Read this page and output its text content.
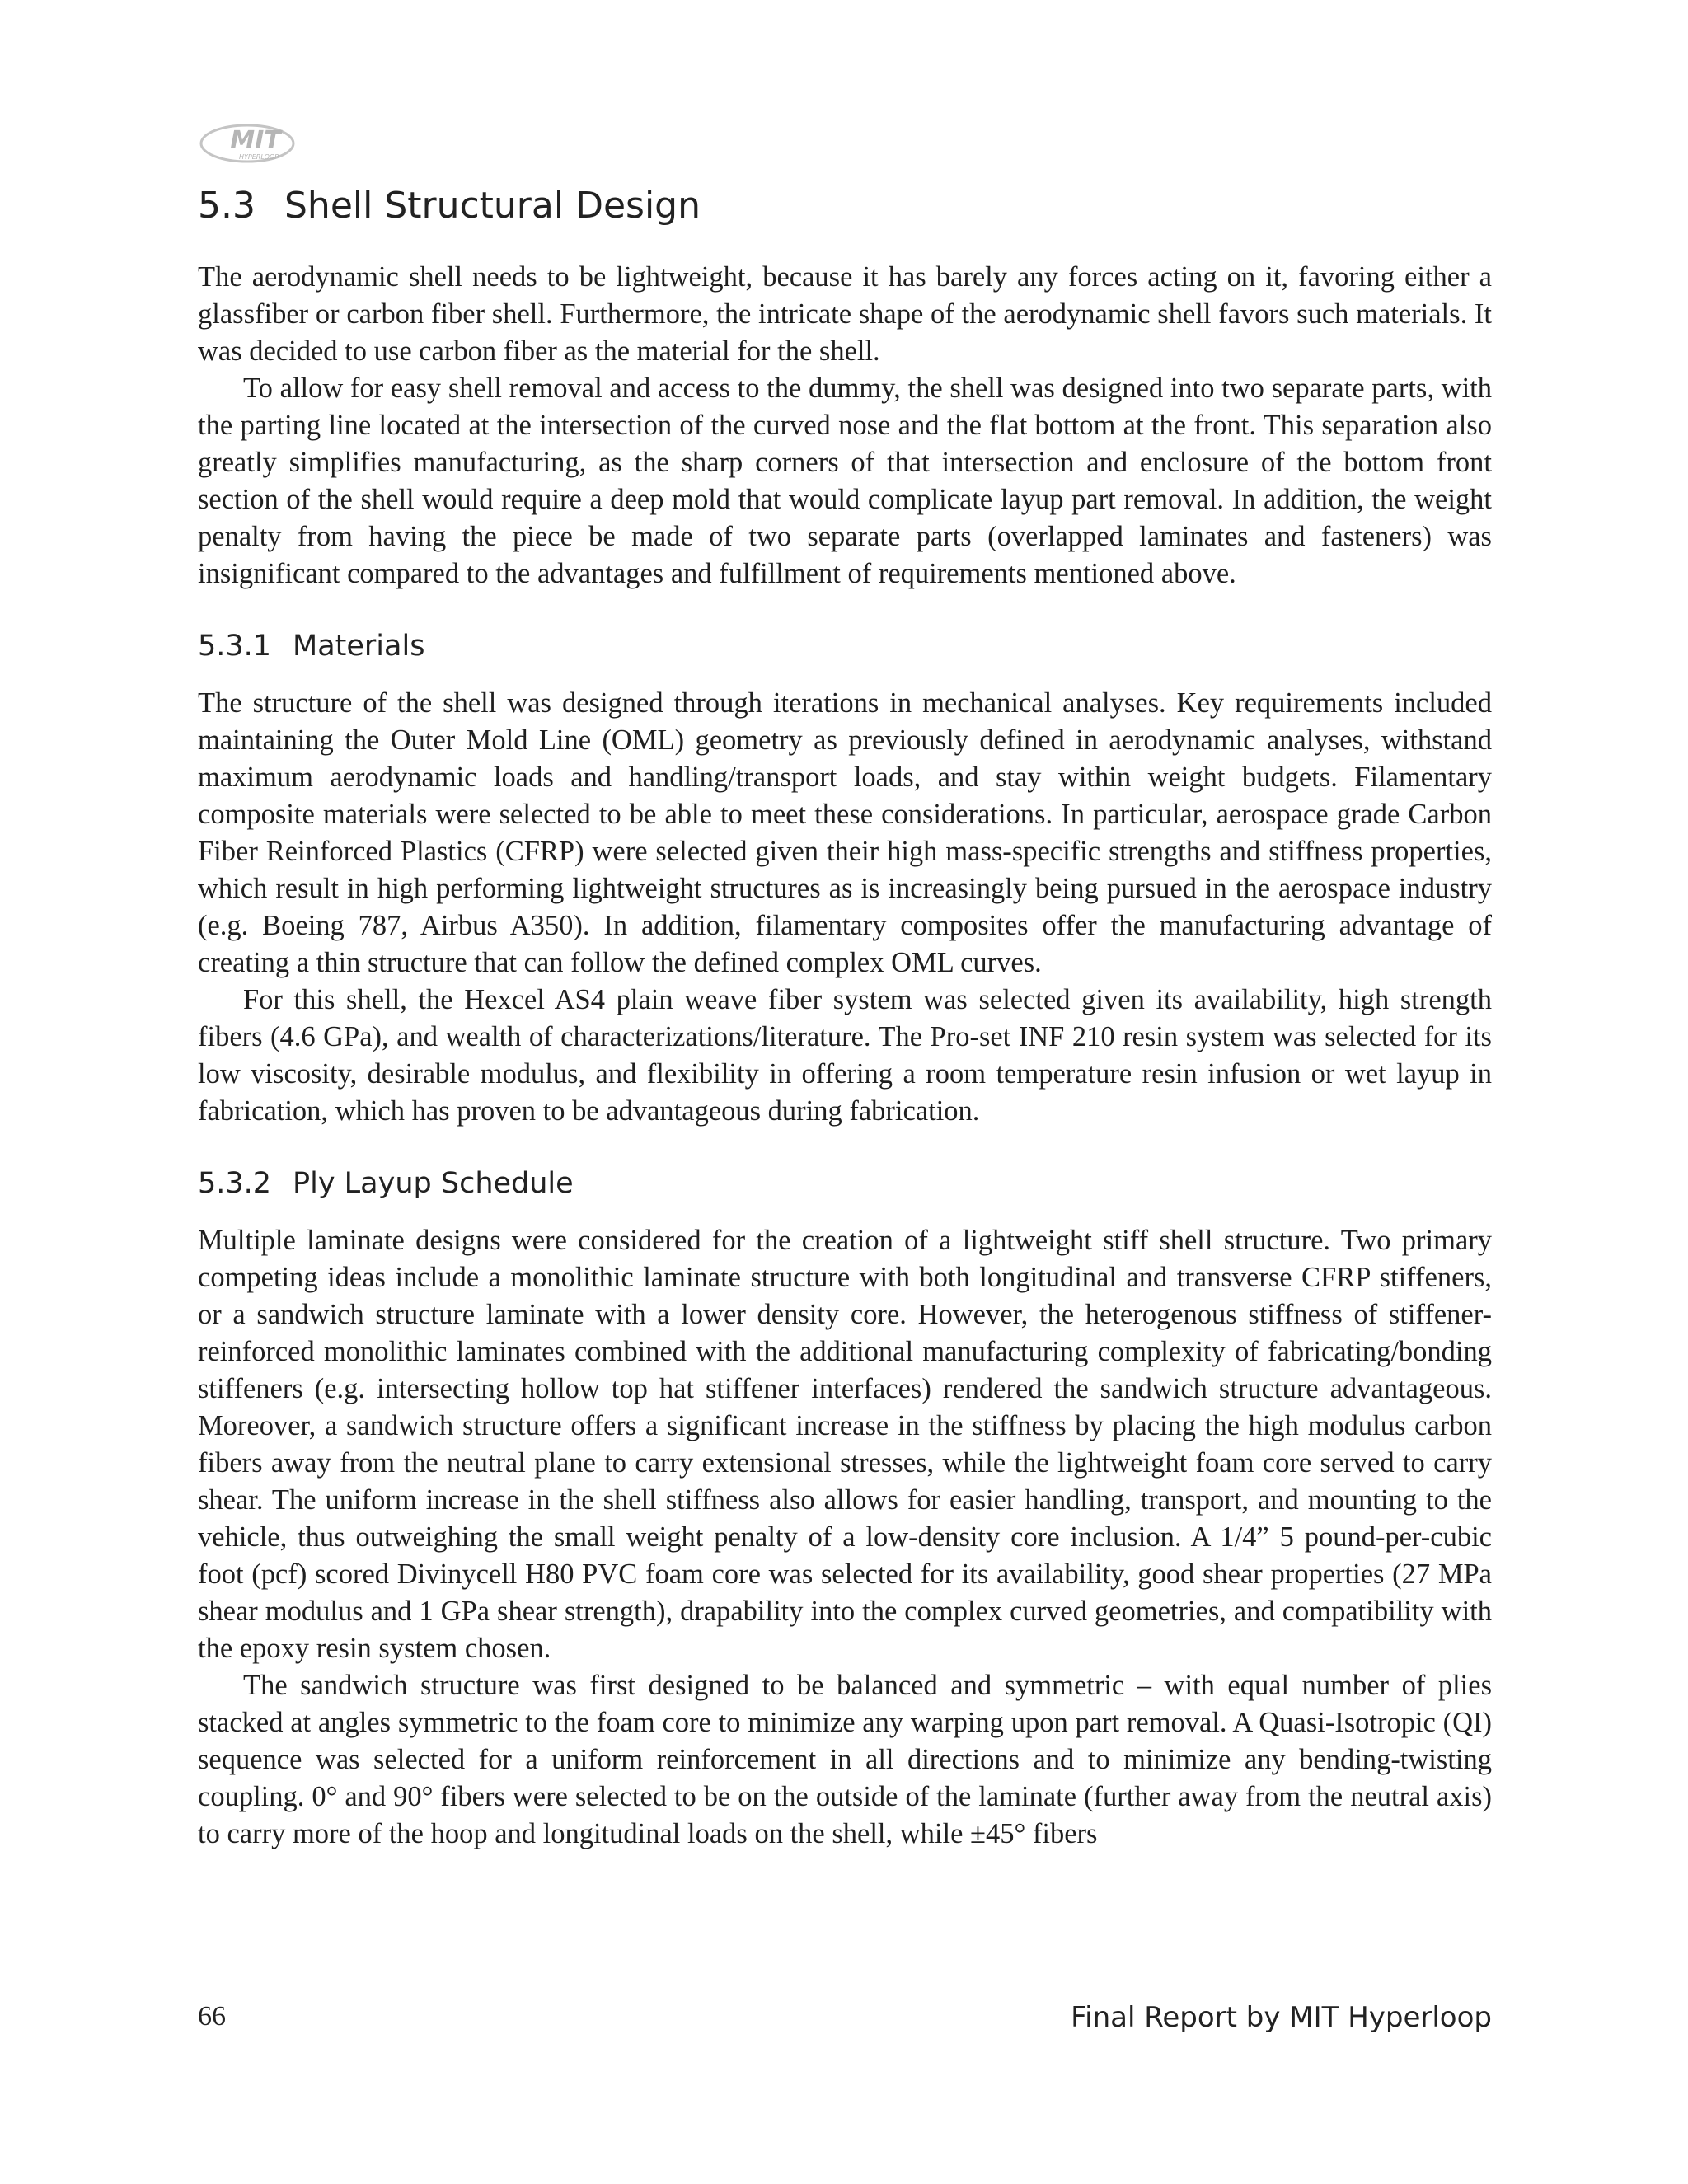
MIT
HYPERLOOP
5.3 Shell Structural Design

The aerodynamic shell needs to be lightweight, because it has barely any forces acting on it, favoring either a glassfiber or carbon fiber shell. Furthermore, the intricate shape of the aerodynamic shell favors such materials. It was decided to use carbon fiber as the material for the shell.

To allow for easy shell removal and access to the dummy, the shell was designed into two separate parts, with the parting line located at the intersection of the curved nose and the flat bottom at the front. This separation also greatly simplifies manufacturing, as the sharp corners of that intersection and enclosure of the bottom front section of the shell would require a deep mold that would complicate layup part removal. In addition, the weight penalty from having the piece be made of two separate parts (overlapped laminates and fasteners) was insignificant compared to the advantages and fulfillment of requirements mentioned above.

5.3.1 Materials

The structure of the shell was designed through iterations in mechanical analyses. Key requirements included maintaining the Outer Mold Line (OML) geometry as previously defined in aerodynamic analyses, withstand maximum aerodynamic loads and handling/transport loads, and stay within weight budgets. Filamentary composite materials were selected to be able to meet these considerations. In particular, aerospace grade Carbon Fiber Reinforced Plastics (CFRP) were selected given their high mass-specific strengths and stiffness properties, which result in high performing lightweight structures as is increasingly being pursued in the aerospace industry (e.g. Boeing 787, Airbus A350). In addition, filamentary composites offer the manufacturing advantage of creating a thin structure that can follow the defined complex OML curves.

For this shell, the Hexcel AS4 plain weave fiber system was selected given its availability, high strength fibers (4.6 GPa), and wealth of characterizations/literature. The Pro-set INF 210 resin system was selected for its low viscosity, desirable modulus, and flexibility in offering a room temperature resin infusion or wet layup in fabrication, which has proven to be advantageous during fabrication.

5.3.2 Ply Layup Schedule

Multiple laminate designs were considered for the creation of a lightweight stiff shell structure. Two primary competing ideas include a monolithic laminate structure with both longitudinal and transverse CFRP stiffeners, or a sandwich structure laminate with a lower density core. However, the heterogenous stiffness of stiffener-reinforced monolithic laminates combined with the additional manufacturing complexity of fabricating/bonding stiffeners (e.g. intersecting hollow top hat stiffener interfaces) rendered the sandwich structure advantageous. Moreover, a sandwich structure offers a significant increase in the stiffness by placing the high modulus carbon fibers away from the neutral plane to carry extensional stresses, while the lightweight foam core served to carry shear. The uniform increase in the shell stiffness also allows for easier handling, transport, and mounting to the vehicle, thus outweighing the small weight penalty of a low-density core inclusion. A 1/4” 5 pound-per-cubic foot (pcf) scored Divinycell H80 PVC foam core was selected for its availability, good shear properties (27 MPa shear modulus and 1 GPa shear strength), drapability into the complex curved geometries, and compatibility with the epoxy resin system chosen.

The sandwich structure was first designed to be balanced and symmetric – with equal number of plies stacked at angles symmetric to the foam core to minimize any warping upon part removal. A Quasi-Isotropic (QI) sequence was selected for a uniform reinforcement in all directions and to minimize any bending-twisting coupling. 0° and 90° fibers were selected to be on the outside of the laminate (further away from the neutral axis) to carry more of the hoop and longitudinal loads on the shell, while ±45° fibers

66	Final Report by MIT Hyperloop
